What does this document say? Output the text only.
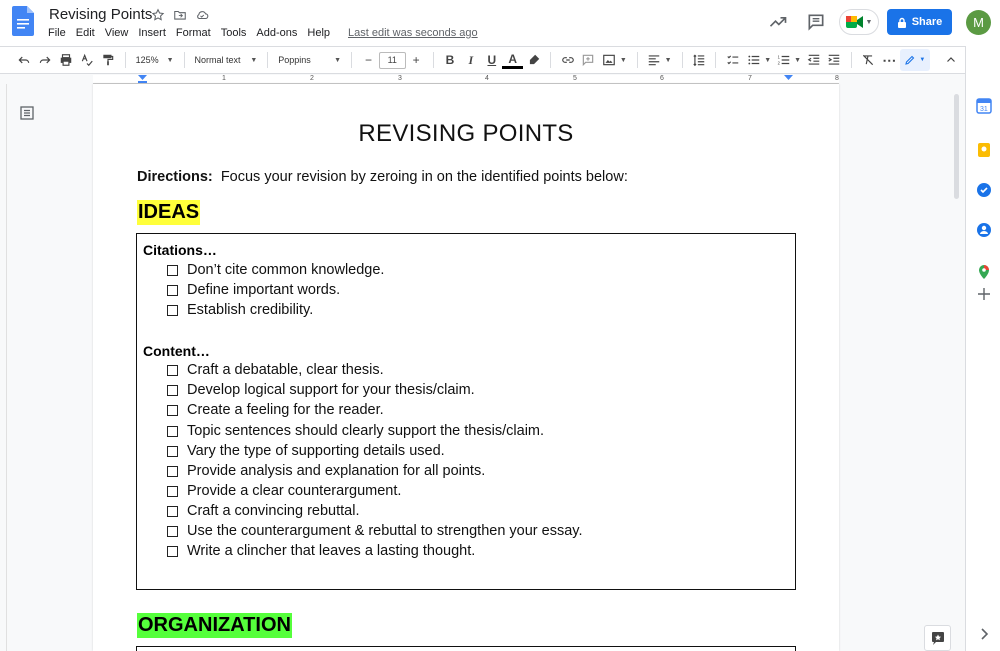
Revising Points
File Edit View Insert Format Tools Add-ons Help Last edit was seconds ago
▼	Share	M
125% ▼ Normal text ▼ Poppins	▼	−	11	+	B	I	U	A	▼	▼	▼ 1
2 ▼	⋯	▼
31
1	2	3	4	5	6	7	8
REVISING POINTS
Directions: Focus your revision by zeroing in on the identified points below:
IDEAS
Citations…
Don’t cite common knowledge.
Define important words.
Establish credibility.
Content…
Craft a debatable, clear thesis.
Develop logical support for your thesis/claim.
Create a feeling for the reader.
Topic sentences should clearly support the thesis/claim.
Vary the type of supporting details used.
Provide analysis and explanation for all points.
Provide a clear counterargument.
Craft a convincing rebuttal.
Use the counterargument & rebuttal to strengthen your essay.
Write a clincher that leaves a lasting thought.
ORGANIZATION
